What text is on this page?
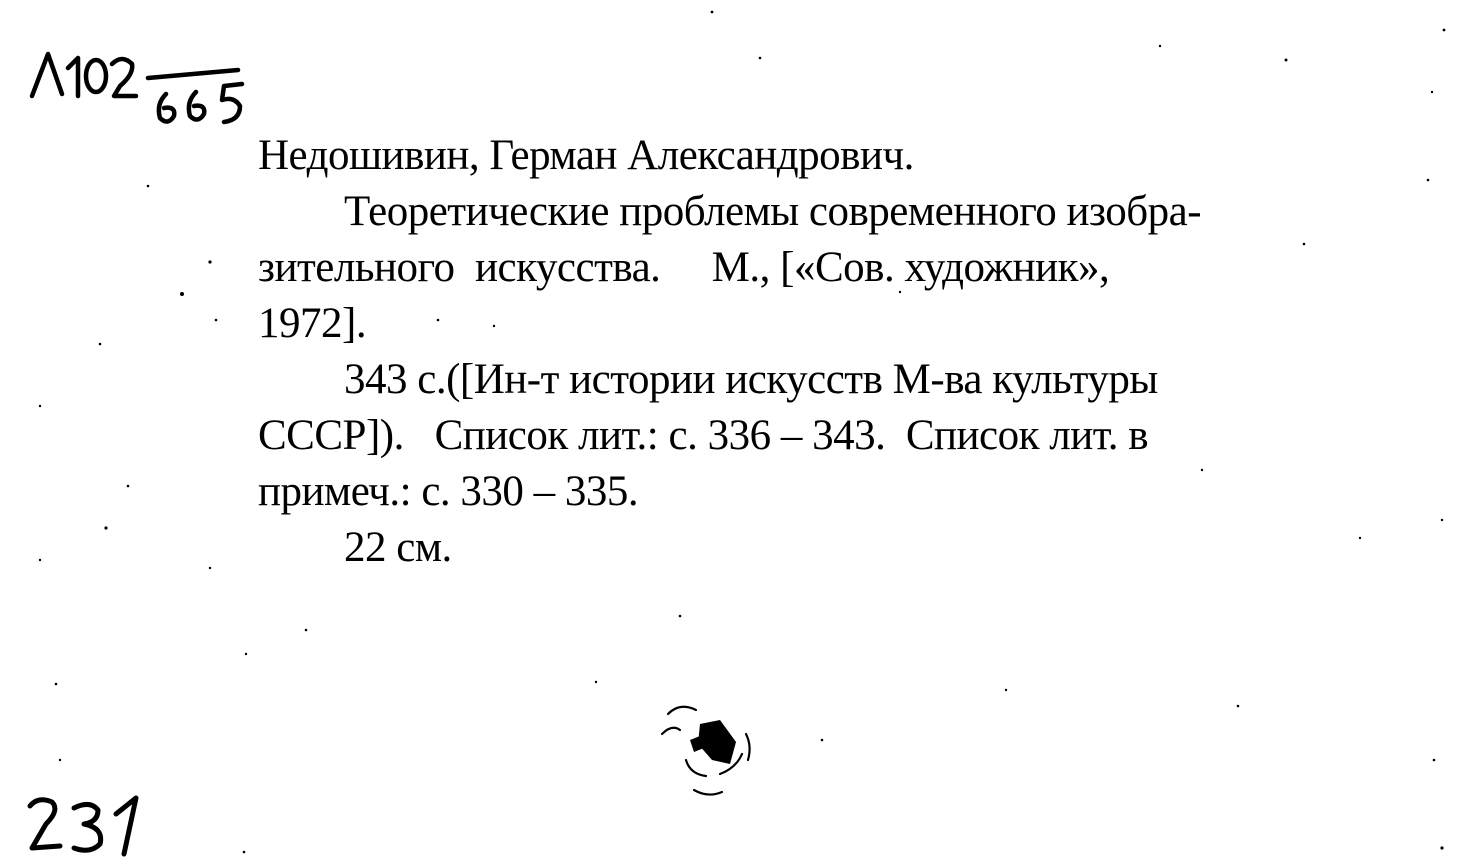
Недошивин, Герман Александрович.
Теоретические проблемы современного изобра-
зительного  искусства.     М., [«Сов. художник»,
1972].
343 с.([Ин-т истории искусств М-ва культуры
СССР]).   Список лит.: с. 336 – 343.  Список лит. в
примеч.: с. 330 – 335.
22 см.
